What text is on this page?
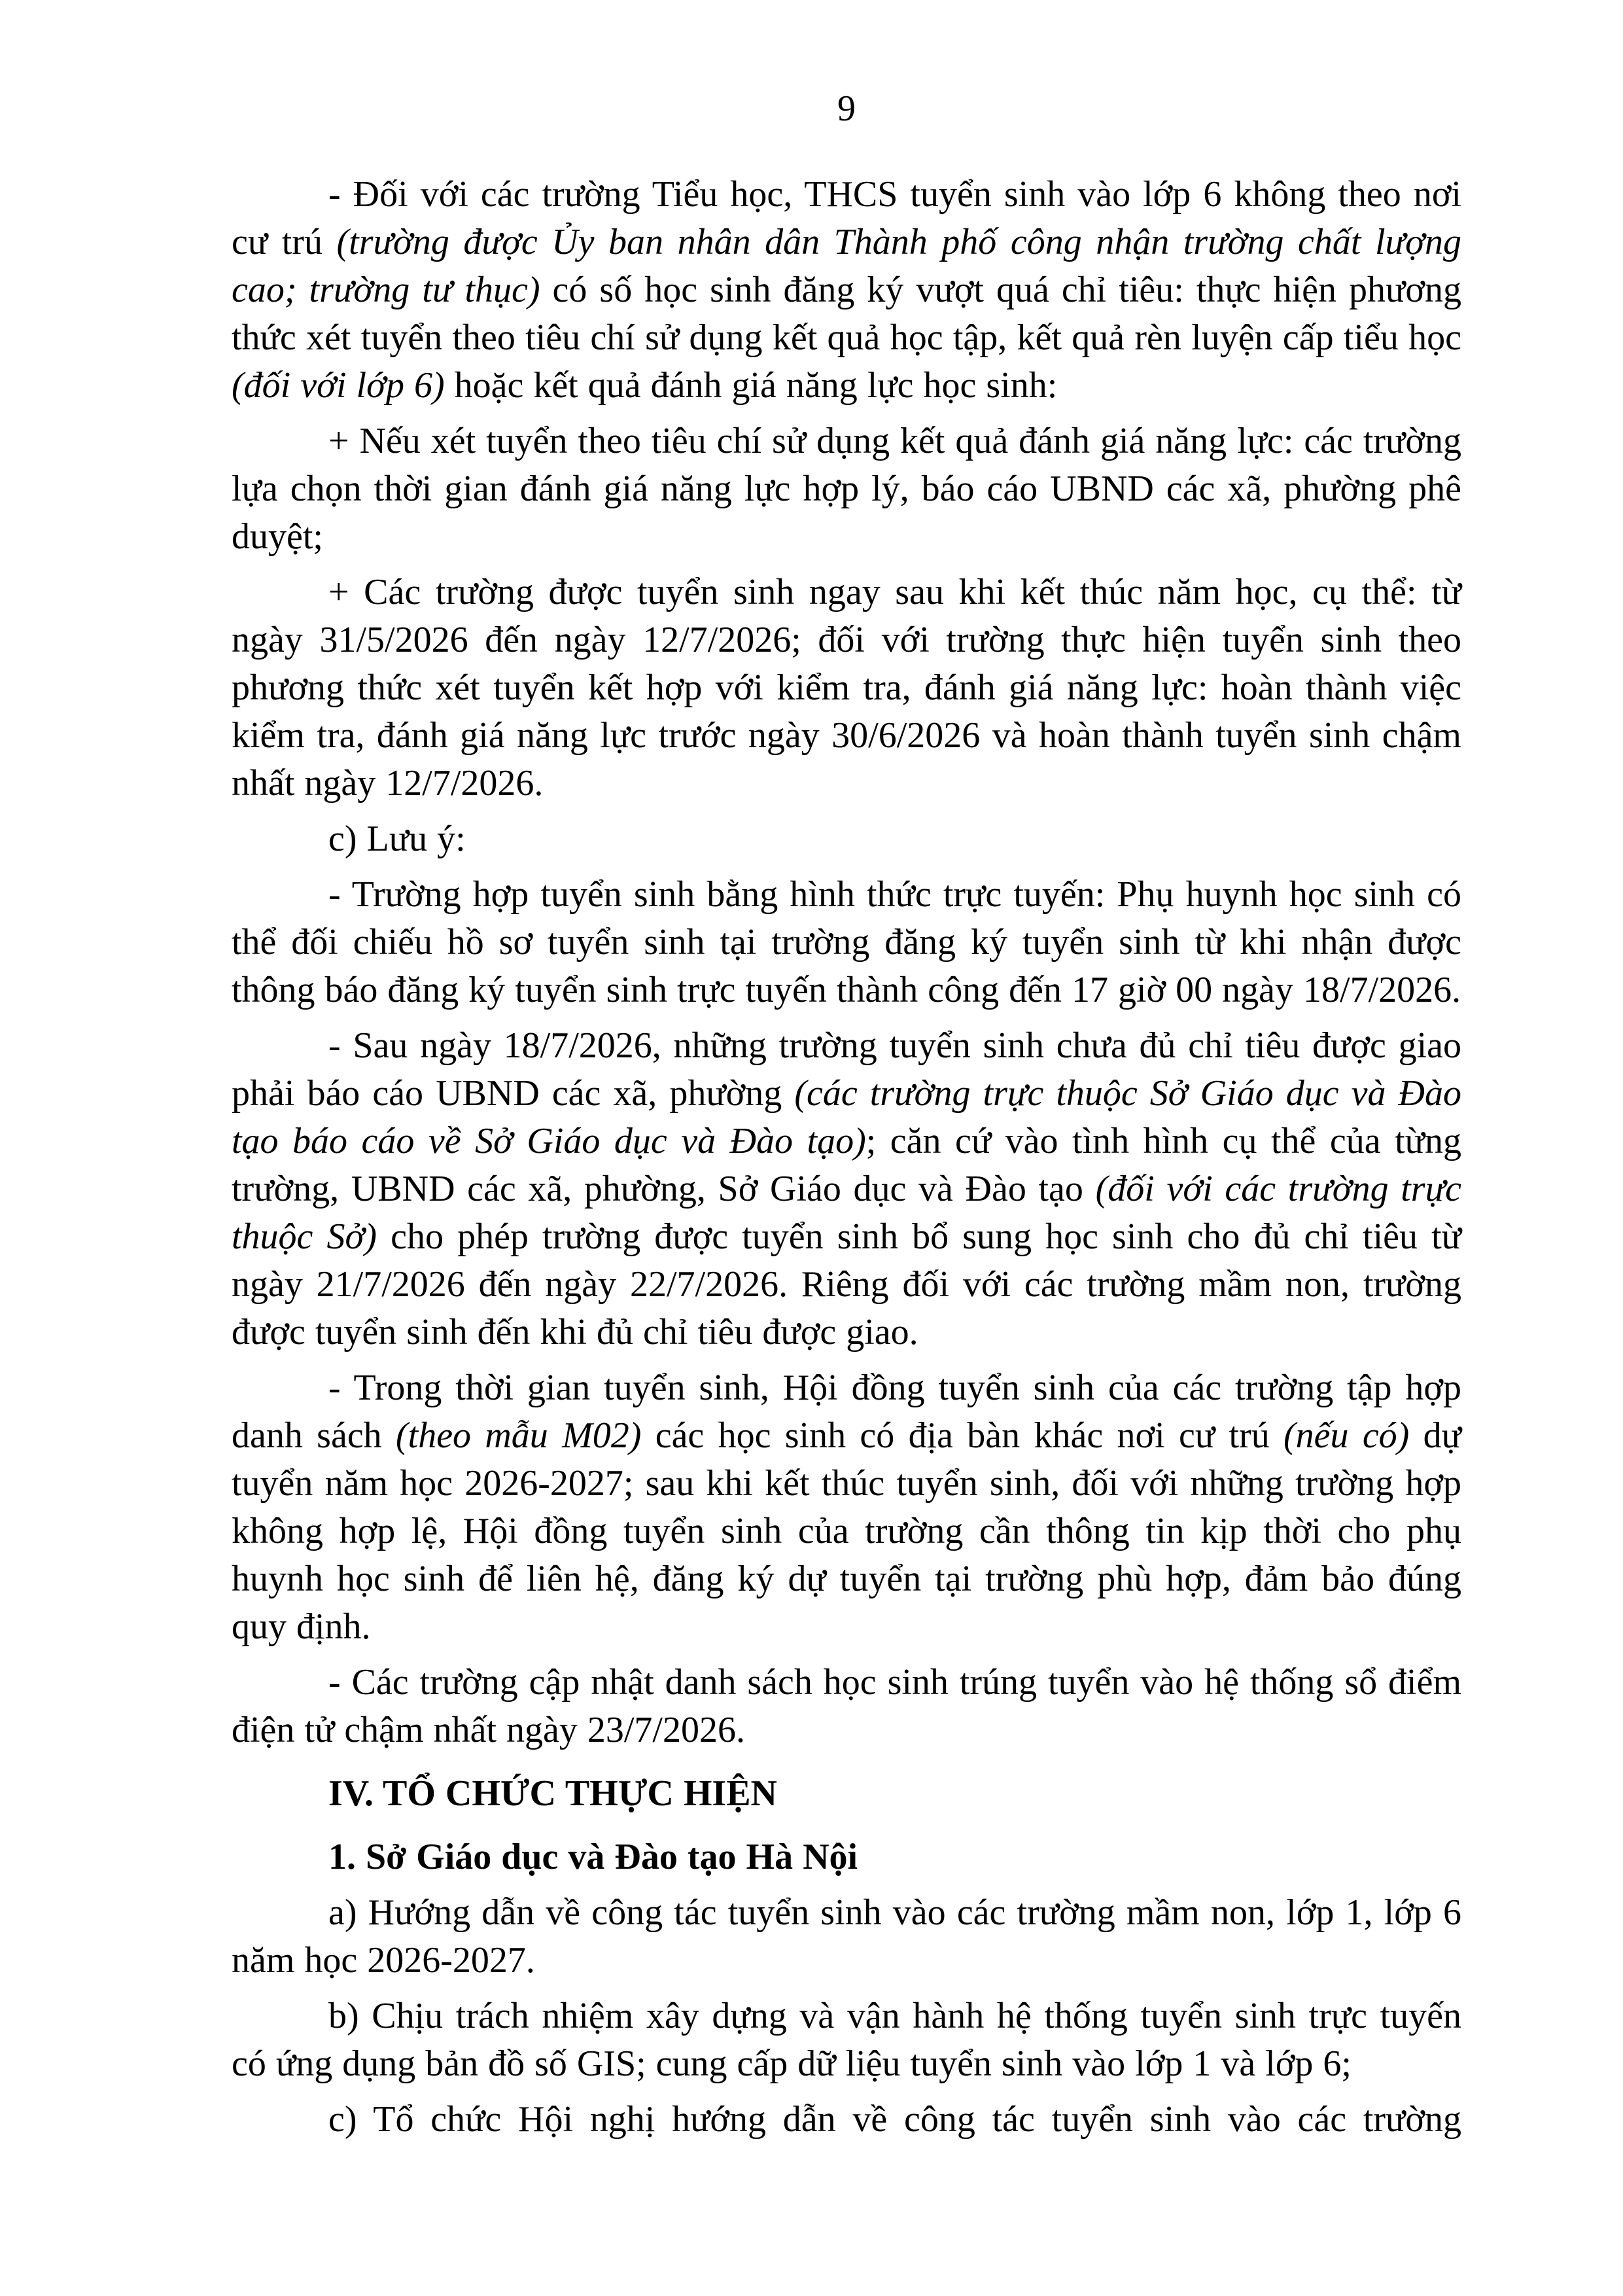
9

- Đối với các trường Tiểu học, THCS tuyển sinh vào lớp 6 không theo nơi cư trú (trường được Ủy ban nhân dân Thành phố công nhận trường chất lượng cao; trường tư thục) có số học sinh đăng ký vượt quá chỉ tiêu: thực hiện phương thức xét tuyển theo tiêu chí sử dụng kết quả học tập, kết quả rèn luyện cấp tiểu học (đối với lớp 6) hoặc kết quả đánh giá năng lực học sinh:

+ Nếu xét tuyển theo tiêu chí sử dụng kết quả đánh giá năng lực: các trường lựa chọn thời gian đánh giá năng lực hợp lý, báo cáo UBND các xã, phường phê duyệt;

+ Các trường được tuyển sinh ngay sau khi kết thúc năm học, cụ thể: từ ngày 31/5/2026 đến ngày 12/7/2026; đối với trường thực hiện tuyển sinh theo phương thức xét tuyển kết hợp với kiểm tra, đánh giá năng lực: hoàn thành việc kiểm tra, đánh giá năng lực trước ngày 30/6/2026 và hoàn thành tuyển sinh chậm nhất ngày 12/7/2026.

c) Lưu ý:

- Trường hợp tuyển sinh bằng hình thức trực tuyến: Phụ huynh học sinh có thể đối chiếu hồ sơ tuyển sinh tại trường đăng ký tuyển sinh từ khi nhận được thông báo đăng ký tuyển sinh trực tuyến thành công đến 17 giờ 00 ngày 18/7/2026.

- Sau ngày 18/7/2026, những trường tuyển sinh chưa đủ chỉ tiêu được giao phải báo cáo UBND các xã, phường (các trường trực thuộc Sở Giáo dục và Đào tạo báo cáo về Sở Giáo dục và Đào tạo); căn cứ vào tình hình cụ thể của từng trường, UBND các xã, phường, Sở Giáo dục và Đào tạo (đối với các trường trực thuộc Sở) cho phép trường được tuyển sinh bổ sung học sinh cho đủ chỉ tiêu từ ngày 21/7/2026 đến ngày 22/7/2026. Riêng đối với các trường mầm non, trường được tuyển sinh đến khi đủ chỉ tiêu được giao.

- Trong thời gian tuyển sinh, Hội đồng tuyển sinh của các trường tập hợp danh sách (theo mẫu M02) các học sinh có địa bàn khác nơi cư trú (nếu có) dự tuyển năm học 2026-2027; sau khi kết thúc tuyển sinh, đối với những trường hợp không hợp lệ, Hội đồng tuyển sinh của trường cần thông tin kịp thời cho phụ huynh học sinh để liên hệ, đăng ký dự tuyển tại trường phù hợp, đảm bảo đúng quy định.

- Các trường cập nhật danh sách học sinh trúng tuyển vào hệ thống sổ điểm điện tử chậm nhất ngày 23/7/2026.

IV. TỔ CHỨC THỰC HIỆN

1. Sở Giáo dục và Đào tạo Hà Nội

a) Hướng dẫn về công tác tuyển sinh vào các trường mầm non, lớp 1, lớp 6 năm học 2026-2027.

b) Chịu trách nhiệm xây dựng và vận hành hệ thống tuyển sinh trực tuyến có ứng dụng bản đồ số GIS; cung cấp dữ liệu tuyển sinh vào lớp 1 và lớp 6;

c) Tổ chức Hội nghị hướng dẫn về công tác tuyển sinh vào các trường
